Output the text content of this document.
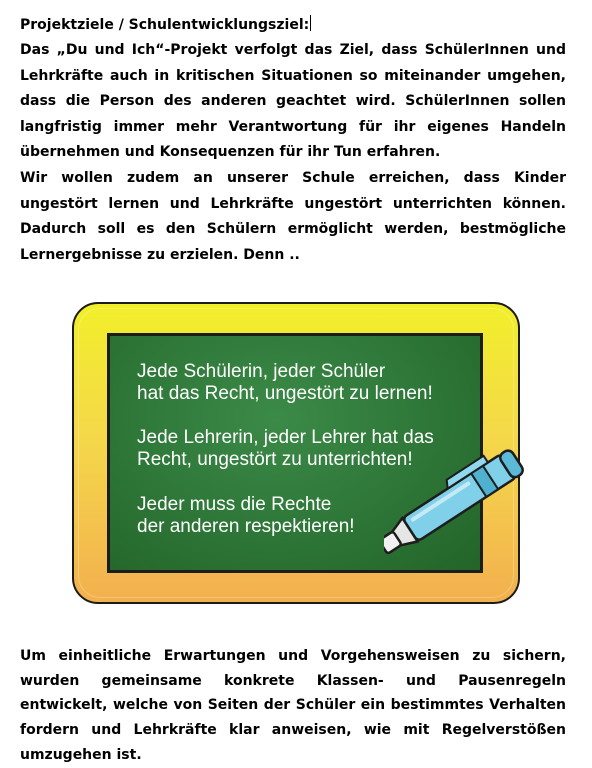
Projektziele / Schulentwicklungsziel:
Das „Du und Ich“-Projekt verfolgt das Ziel, dass SchülerInnen und Lehrkräfte auch in kritischen Situationen so miteinander umgehen, dass die Person des anderen geachtet wird. SchülerInnen sollen langfristig immer mehr Verantwortung für ihr eigenes Handeln übernehmen und Konsequenzen für ihr Tun erfahren.
Wir wollen zudem an unserer Schule erreichen, dass Kinder ungestört lernen und Lehrkräfte ungestört unterrichten können. Dadurch soll es den Schülern ermöglicht werden, bestmögliche Lernergebnisse zu erzielen. Denn ..
Jede Schülerin, jeder Schüler
hat das Recht, ungestört zu lernen!
Jede Lehrerin, jeder Lehrer hat das
Recht, ungestört zu unterrichten!
Jeder muss die Rechte
der anderen respektieren!
Um einheitliche Erwartungen und Vorgehensweisen zu sichern, wurden gemeinsame konkrete Klassen- und Pausenregeln entwickelt, welche von Seiten der Schüler ein bestimmtes Verhalten fordern und Lehrkräfte klar anweisen, wie mit Regelverstößen umzugehen ist.
